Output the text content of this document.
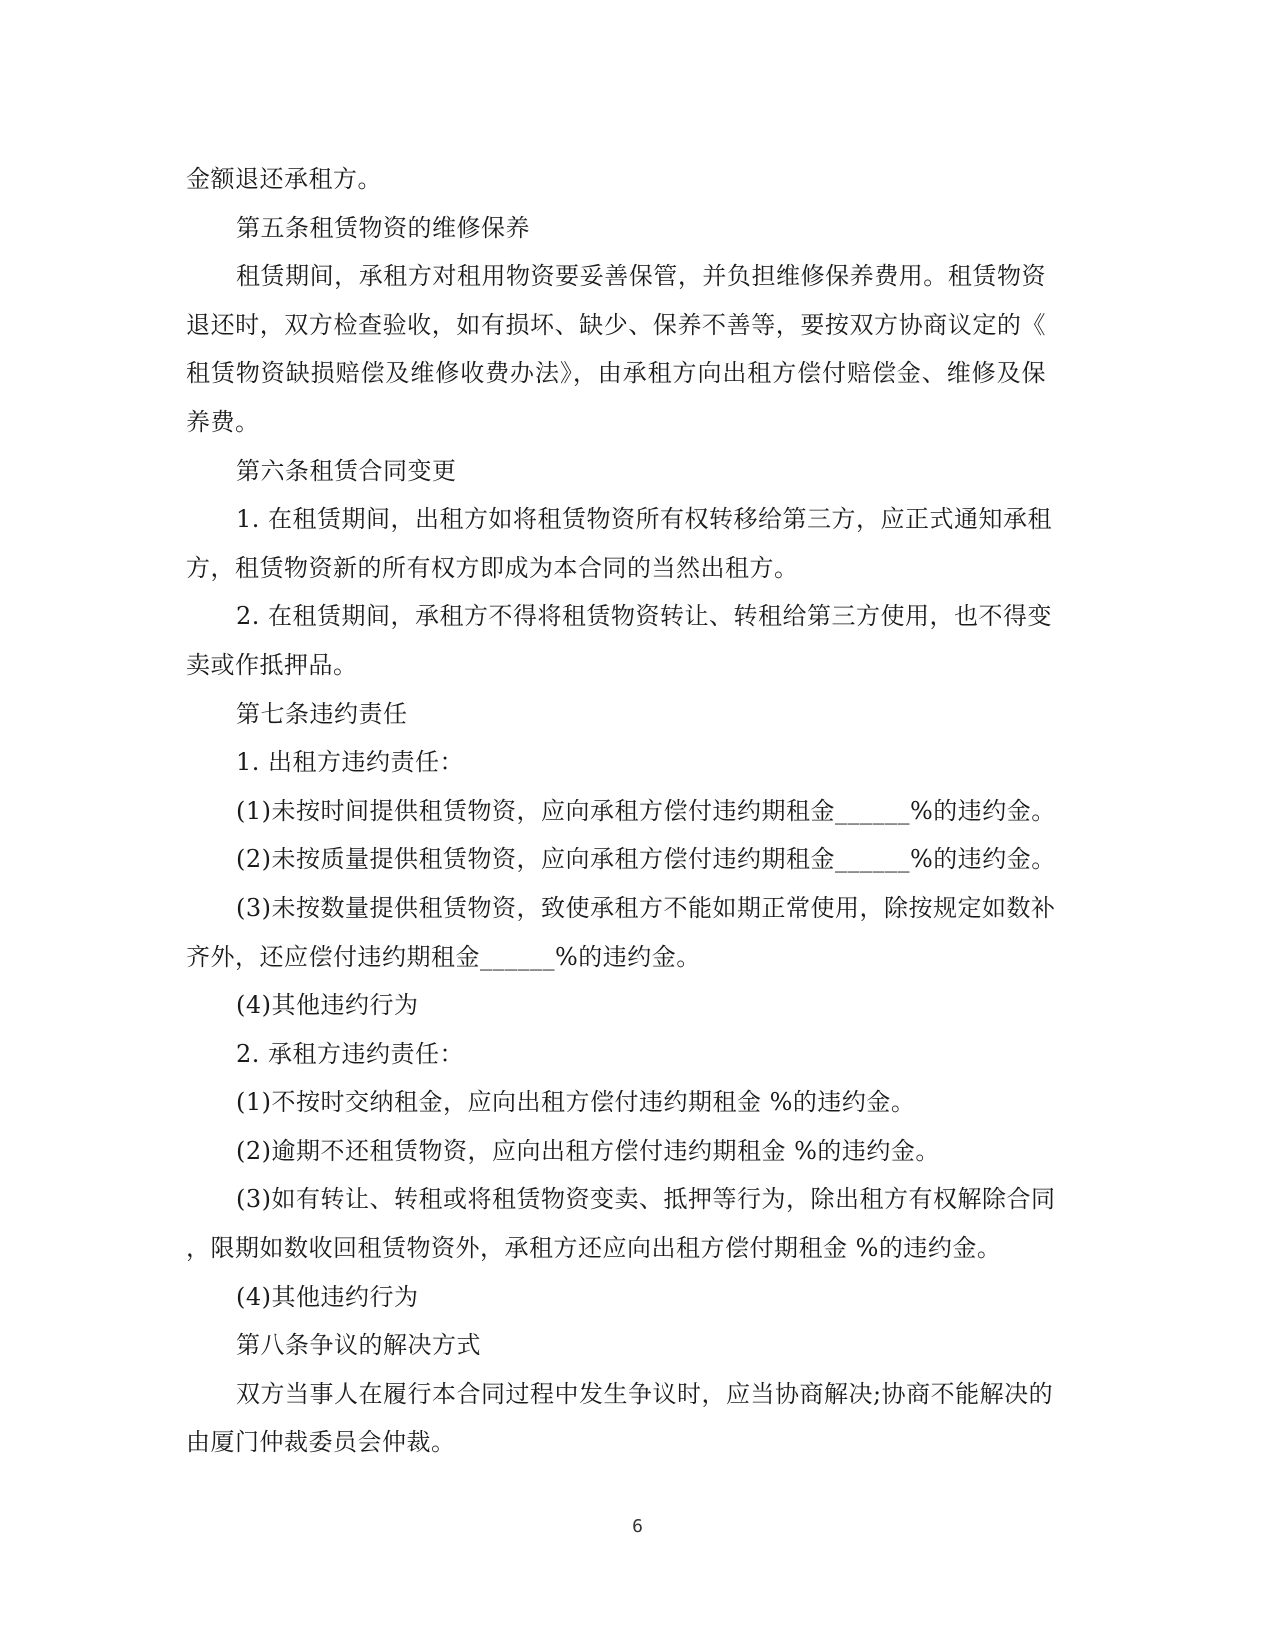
金额退还承租方。
第五条租赁物资的维修保养
租赁期间，承租方对租用物资要妥善保管，并负担维修保养费用。租赁物资
退还时，双方检查验收，如有损坏、缺少、保养不善等，要按双方协商议定的《
租赁物资缺损赔偿及维修收费办法》，由承租方向出租方偿付赔偿金、维修及保
养费。
第六条租赁合同变更
1. 在租赁期间，出租方如将租赁物资所有权转移给第三方，应正式通知承租
方，租赁物资新的所有权方即成为本合同的当然出租方。
2. 在租赁期间，承租方不得将租赁物资转让、转租给第三方使用，也不得变
卖或作抵押品。
第七条违约责任
1. 出租方违约责任：
(1)未按时间提供租赁物资，应向承租方偿付违约期租金______%的违约金。
(2)未按质量提供租赁物资，应向承租方偿付违约期租金______%的违约金。
(3)未按数量提供租赁物资，致使承租方不能如期正常使用，除按规定如数补
齐外，还应偿付违约期租金______%的违约金。
(4)其他违约行为
2. 承租方违约责任：
(1)不按时交纳租金，应向出租方偿付违约期租金 %的违约金。
(2)逾期不还租赁物资，应向出租方偿付违约期租金 %的违约金。
(3)如有转让、转租或将租赁物资变卖、抵押等行为，除出租方有权解除合同
，限期如数收回租赁物资外，承租方还应向出租方偿付期租金 %的违约金。
(4)其他违约行为
第八条争议的解决方式
双方当事人在履行本合同过程中发生争议时，应当协商解决;协商不能解决的
由厦门仲裁委员会仲裁。
6
